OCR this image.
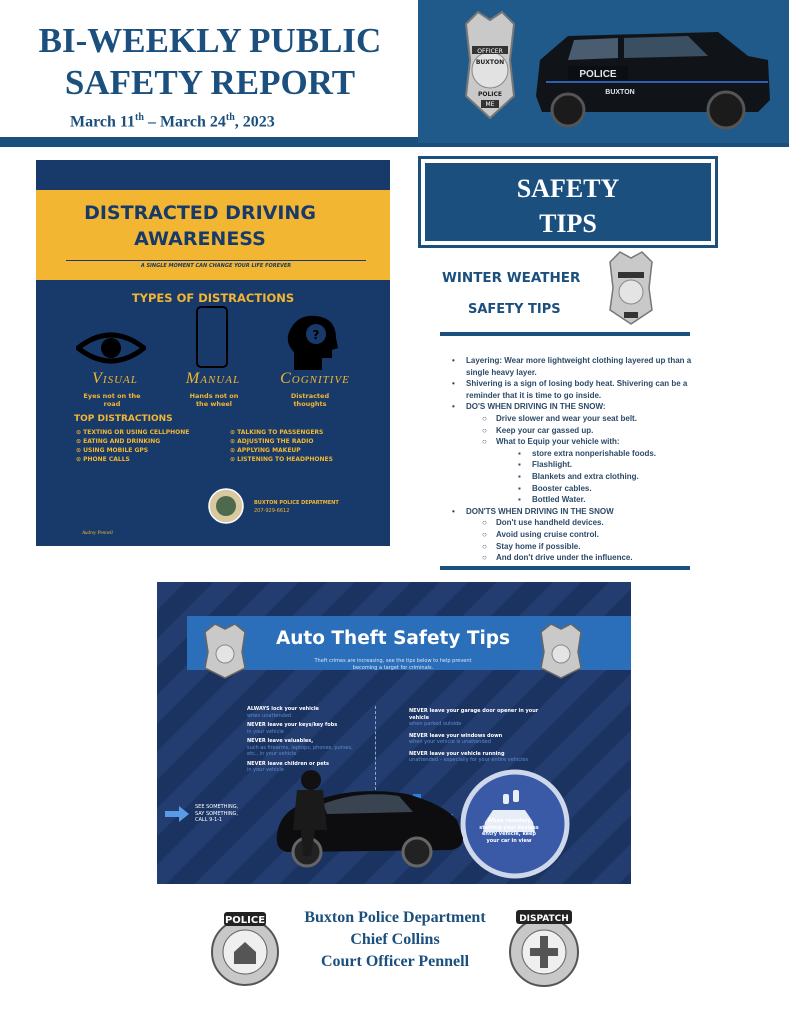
BI-WEEKLY PUBLIC
SAFETY REPORT
March 11th – March 24th, 2023
OFFICER
BUXTON
POLICE
ME
POLICE
BUXTON
DISTRACTED DRIVING
AWARENESS
A SINGLE MOMENT CAN CHANGE YOUR LIFE FOREVER
TYPES OF DISTRACTIONS
?
Visual	Manual	Cognitive
Eyes not on the road
Hands not on the wheel
Distracted thoughts
TOP DISTRACTIONS
⊙ TEXTING OR USING CELLPHONE
⊙ EATING AND DRINKING
⊙ USING MOBILE GPS
⊙ PHONE CALLS
⊙ TALKING TO PASSENGERS
⊙ ADJUSTING THE RADIO
⊙ APPLYING MAKEUP
⊙ LISTENING TO HEADPHONES
BUXTON POLICE DEPARTMENT
207-929-6612
Audrey Pennell
SAFETY
TIPS
WINTER WEATHER
SAFETY TIPS
• Layering: Wear more lightweight clothing layered up than a single heavy layer.
• Shivering is a sign of losing body heat. Shivering can be a reminder that it is time to go inside.
• DO'S WHEN DRIVING IN THE SNOW:
○ Drive slower and wear your seat belt.
○ Keep your car gassed up.
○ What to Equip your vehicle with:
▪ store extra nonperishable foods.
▪ Flashlight.
▪ Blankets and extra clothing.
▪ Booster cables.
▪ Bottled Water.
• DON'TS WHEN DRIVING IN THE SNOW
○ Don't use handheld devices.
○ Avoid using cruise control.
○ Stay home if possible.
○ And don't drive under the influence.
Auto Theft Safety Tips
Theft crimes are increasing, see the tips below to help prevent
becoming a target for criminals.
ALWAYS lock your vehicle
when unattended
NEVER leave your keys/key fobs
in your vehicle
NEVER leave valuables,
such as firearms, laptops, phones, purses, etc., in your vehicle
NEVER leave children or pets
in your vehicle
NEVER leave your garage door opener in your vehicle
when parked outside
NEVER leave your windows down
when your vehicle is unattended
NEVER leave your vehicle running
unattended – especially for your entire vehicles
SEE SOMETHING, SAY SOMETHING, CALL 9-1-1	When remotely starting your keyless entry vehicle, keep your car in view
POLICE	Buxton Police Department
Chief Collins
Court Officer Pennell
DISPATCH
